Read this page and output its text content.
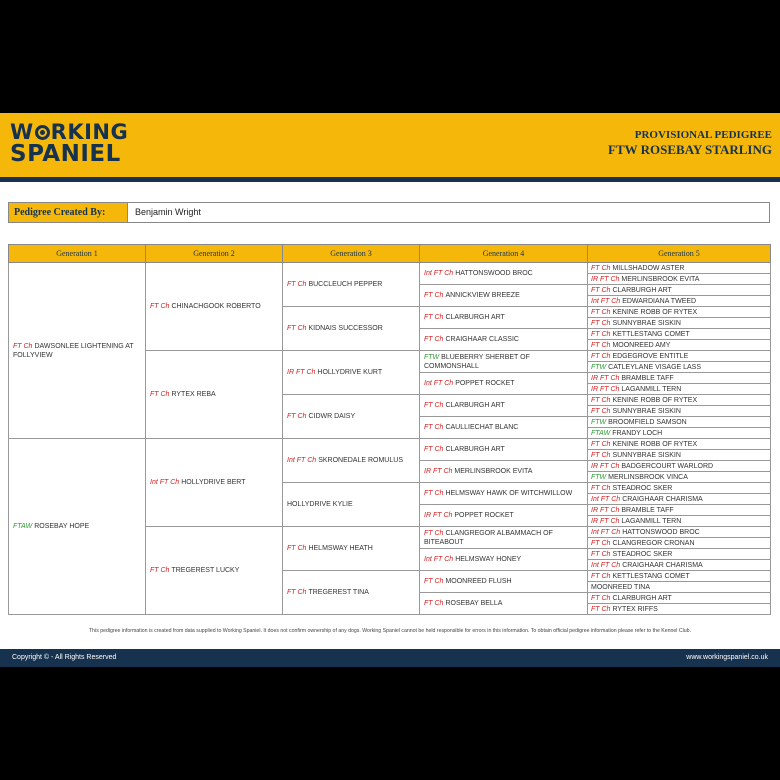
W RKING
SPANIEL
PROVISIONAL PEDIGREE
FTW ROSEBAY STARLING
Pedigree Created By:	Benjamin Wright
Generation 1	Generation 2	Generation 3	Generation 4	Generation 5
FT Ch DAWSONLEE LIGHTENING AT FOLLYVIEW	FT Ch CHINACHGOOK ROBERTO	FT Ch BUCCLEUCH PEPPER	Int FT Ch HATTONSWOOD BROC	FT Ch MILLSHADOW ASTER
				IR FT Ch MERLINSBROOK EVITA
			FT Ch ANNICKVIEW BREEZE	FT Ch CLARBURGH ART
				Int FT Ch EDWARDIANA TWEED
		FT Ch KIDNAIS SUCCESSOR	FT Ch CLARBURGH ART	FT Ch KENINE ROBB OF RYTEX
				FT Ch SUNNYBRAE SISKIN
			FT Ch CRAIGHAAR CLASSIC	FT Ch KETTLESTANG COMET
				FT Ch MOONREED AMY
	FT Ch RYTEX REBA	IR FT Ch HOLLYDRIVE KURT	FTW BLUEBERRY SHERBET OF COMMONSHALL	FT Ch EDGEGROVE ENTITLE
				FTW CATLEYLANE VISAGE LASS
			Int FT Ch POPPET ROCKET	IR FT Ch BRAMBLE TAFF
				IR FT Ch LAGANMILL TERN
		FT Ch CIDWR DAISY	FT Ch CLARBURGH ART	FT Ch KENINE ROBB OF RYTEX
				FT Ch SUNNYBRAE SISKIN
			FT Ch CAULLIECHAT BLANC	FTW BROOMFIELD SAMSON
				FTAW FRANDY LOCH
FTAW ROSEBAY HOPE	Int FT Ch HOLLYDRIVE BERT	Int FT Ch SKRONEDALE ROMULUS	FT Ch CLARBURGH ART	FT Ch KENINE ROBB OF RYTEX
				FT Ch SUNNYBRAE SISKIN
			IR FT Ch MERLINSBROOK EVITA	IR FT Ch BADGERCOURT WARLORD
				FTW MERLINSBROOK VINCA
		HOLLYDRIVE KYLIE	FT Ch HELMSWAY HAWK OF WITCHWILLOW	FT Ch STEADROC SKER
				Int FT Ch CRAIGHAAR CHARISMA
			IR FT Ch POPPET ROCKET	IR FT Ch BRAMBLE TAFF
				IR FT Ch LAGANMILL TERN
	FT Ch TREGEREST LUCKY	FT Ch HELMSWAY HEATH	FT Ch CLANGREGOR ALBAMMACH OF BITEABOUT	Int FT Ch HATTONSWOOD BROC
				FT Ch CLANGREGOR CRONAN
			Int FT Ch HELMSWAY HONEY	FT Ch STEADROC SKER
				Int FT Ch CRAIGHAAR CHARISMA
		FT Ch TREGEREST TINA	FT Ch MOONREED FLUSH	FT Ch KETTLESTANG COMET
				MOONREED TINA
			FT Ch ROSEBAY BELLA	FT Ch CLARBURGH ART
				FT Ch RYTEX RIFFS
This pedigree information is created from data supplied to Working Spaniel. It does not confirm ownership of any dogs. Working Spaniel cannot be held responsible for errors in this information. To obtain official pedigree information please refer to the Kennel Club.
Copyright © - All Rights Reserved	www.workingspaniel.co.uk
